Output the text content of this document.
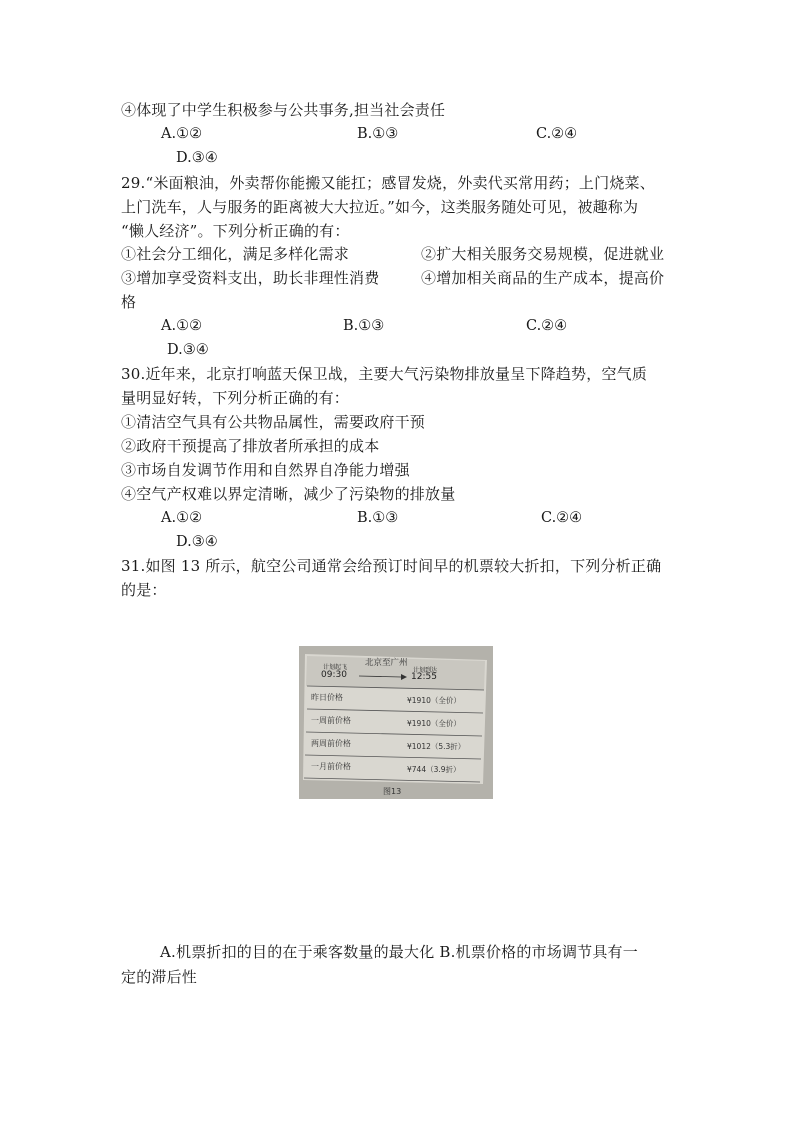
④体现了中学生积极参与公共事务,担当社会责任
A.①②	B.①③	C.②④
D.③④
29.“米面粮油，外卖帮你能搬又能扛；感冒发烧，外卖代买常用药；上门烧菜、
上门洗车，人与服务的距离被大大拉近。”如今，这类服务随处可见，被趣称为
“懒人经济”。下列分析正确的有：
①社会分工细化，满足多样化需求	②扩大相关服务交易规模，促进就业
③增加享受资料支出，助长非理性消费	④增加相关商品的生产成本，提高价
格
A.①②	B.①③	C.②④
D.③④
30.近年来，北京打响蓝天保卫战，主要大气污染物排放量呈下降趋势，空气质
量明显好转，下列分析正确的有：
①清洁空气具有公共物品属性，需要政府干预
②政府干预提高了排放者所承担的成本
③市场自发调节作用和自然界自净能力增强
④空气产权难以界定清晰，减少了污染物的排放量
A.①②	B.①③	C.②④
D.③④
31.如图 13 所示，航空公司通常会给预订时间早的机票较大折扣，下列分析正确
的是：
北京至广州
计划起飞
09:30	计划到达
12:55
昨日价格	¥1910（全价）
一周前价格	¥1910（全价）
两周前价格	¥1012（5.3折）
一月前价格	¥744（3.9折）
图13
A.机票折扣的目的在于乘客数量的最大化 B.机票价格的市场调节具有一
定的滞后性
